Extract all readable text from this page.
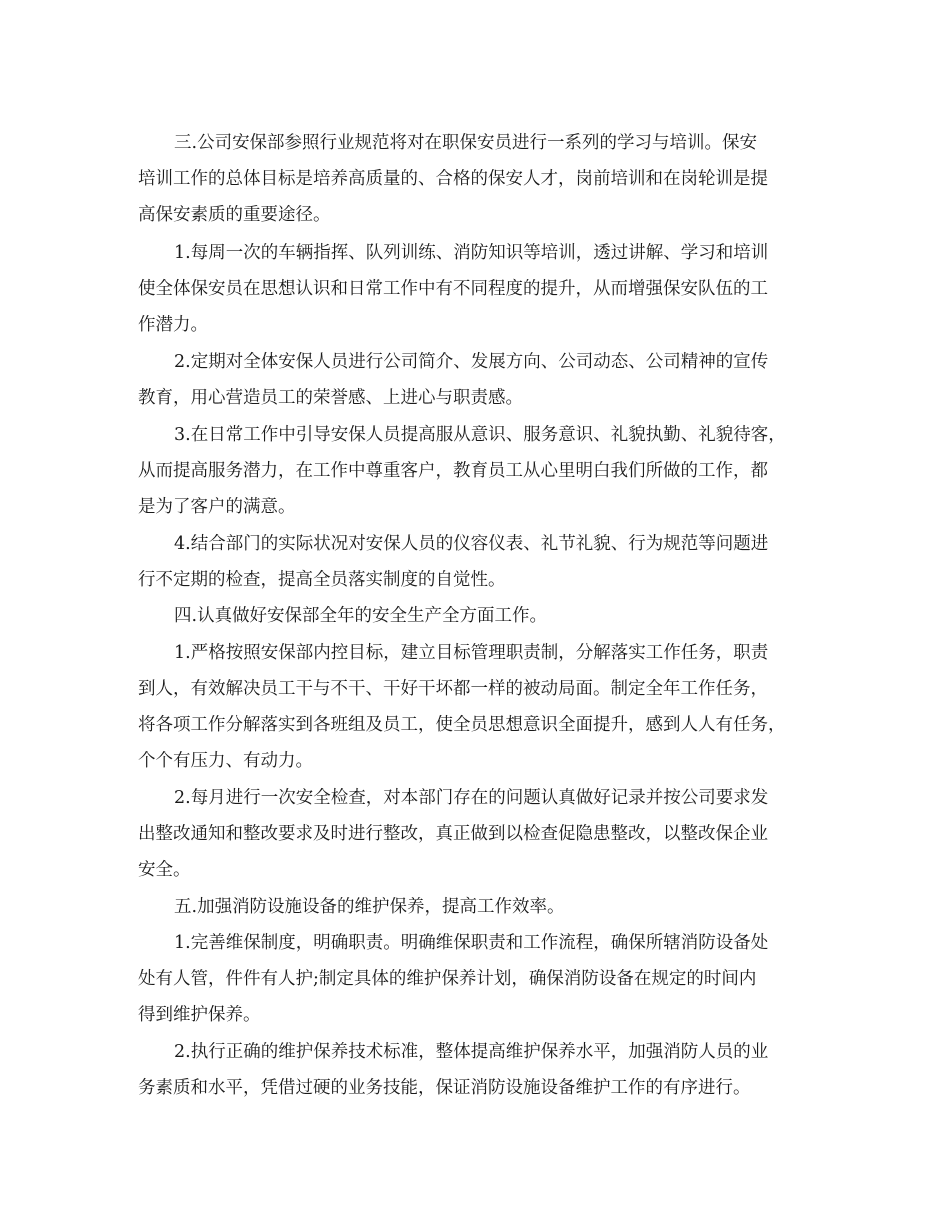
三.公司安保部参照行业规范将对在职保安员进行一系列的学习与培训。保安
培训工作的总体目标是培养高质量的、合格的保安人才，岗前培训和在岗轮训是提
高保安素质的重要途径。
1.每周一次的车辆指挥、队列训练、消防知识等培训，透过讲解、学习和培训
使全体保安员在思想认识和日常工作中有不同程度的提升，从而增强保安队伍的工
作潜力。
2.定期对全体安保人员进行公司简介、发展方向、公司动态、公司精神的宣传
教育，用心营造员工的荣誉感、上进心与职责感。
3.在日常工作中引导安保人员提高服从意识、服务意识、礼貌执勤、礼貌待客，
从而提高服务潜力，在工作中尊重客户，教育员工从心里明白我们所做的工作，都
是为了客户的满意。
4.结合部门的实际状况对安保人员的仪容仪表、礼节礼貌、行为规范等问题进
行不定期的检查，提高全员落实制度的自觉性。
四.认真做好安保部全年的安全生产全方面工作。
1.严格按照安保部内控目标，建立目标管理职责制，分解落实工作任务，职责
到人，有效解决员工干与不干、干好干坏都一样的被动局面。制定全年工作任务，
将各项工作分解落实到各班组及员工，使全员思想意识全面提升，感到人人有任务，
个个有压力、有动力。
2.每月进行一次安全检查，对本部门存在的问题认真做好记录并按公司要求发
出整改通知和整改要求及时进行整改，真正做到以检查促隐患整改，以整改保企业
安全。
五.加强消防设施设备的维护保养，提高工作效率。
1.完善维保制度，明确职责。明确维保职责和工作流程，确保所辖消防设备处
处有人管，件件有人护;制定具体的维护保养计划，确保消防设备在规定的时间内
得到维护保养。
2.执行正确的维护保养技术标准，整体提高维护保养水平，加强消防人员的业
务素质和水平，凭借过硬的业务技能，保证消防设施设备维护工作的有序进行。
